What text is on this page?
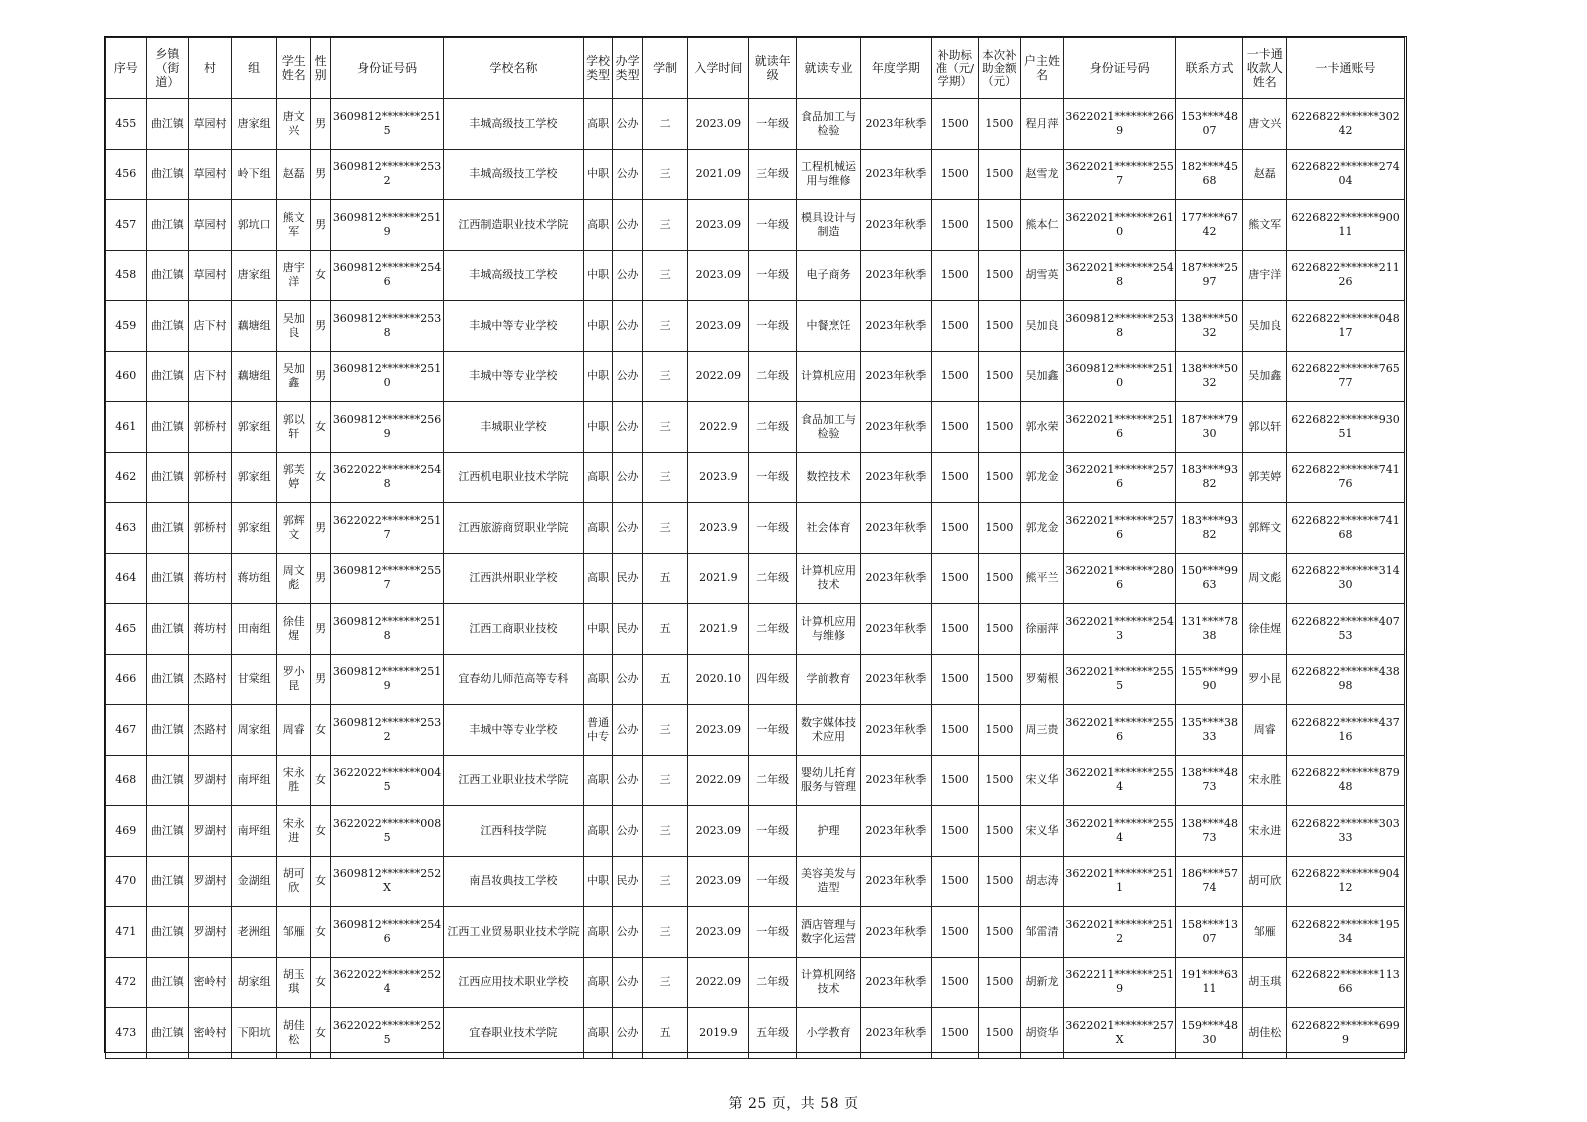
序号	乡镇（街道）	村	组	学生姓名	性别	身份证号码	学校名称	学校类型	办学类型	学制	入学时间	就读年级	就读专业	年度学期	补助标准（元/学期）	本次补助金额（元）	户主姓名	身份证号码	联系方式	一卡通收款人姓名	一卡通账号
455	曲江镇	草园村	唐家组	唐文兴	男	3609812*******2515	丰城高级技工学校	高职	公办	二	2023.09	一年级	食品加工与检验	2023年秋季	1500	1500	程月萍	3622021*******2669	153****4807	唐文兴	6226822*******30242
456	曲江镇	草园村	岭下组	赵磊	男	3609812*******2532	丰城高级技工学校	中职	公办	三	2021.09	三年级	工程机械运用与维修	2023年秋季	1500	1500	赵雪龙	3622021*******2557	182****4568	赵磊	6226822*******27404
457	曲江镇	草园村	郭坑口	熊文军	男	3609812*******2519	江西制造职业技术学院	高职	公办	三	2023.09	一年级	模具设计与制造	2023年秋季	1500	1500	熊本仁	3622021*******2610	177****6742	熊文军	6226822*******90011
458	曲江镇	草园村	唐家组	唐宇洋	女	3609812*******2546	丰城高级技工学校	中职	公办	三	2023.09	一年级	电子商务	2023年秋季	1500	1500	胡雪英	3622021*******2548	187****2597	唐宇洋	6226822*******21126
459	曲江镇	店下村	藕塘组	吴加良	男	3609812*******2538	丰城中等专业学校	中职	公办	三	2023.09	一年级	中餐烹饪	2023年秋季	1500	1500	吴加良	3609812*******2538	138****5032	吴加良	6226822*******04817
460	曲江镇	店下村	藕塘组	吴加鑫	男	3609812*******2510	丰城中等专业学校	中职	公办	三	2022.09	二年级	计算机应用	2023年秋季	1500	1500	吴加鑫	3609812*******2510	138****5032	吴加鑫	6226822*******76577
461	曲江镇	郭桥村	郭家组	郭以轩	女	3609812*******2569	丰城职业学校	中职	公办	三	2022.9	二年级	食品加工与检验	2023年秋季	1500	1500	郭水荣	3622021*******2516	187****7930	郭以轩	6226822*******93051
462	曲江镇	郭桥村	郭家组	郭芙婷	女	3622022*******2548	江西机电职业技术学院	高职	公办	三	2023.9	一年级	数控技术	2023年秋季	1500	1500	郭龙金	3622021*******2576	183****9382	郭芙婷	6226822*******74176
463	曲江镇	郭桥村	郭家组	郭辉文	男	3622022*******2517	江西旅游商贸职业学院	高职	公办	三	2023.9	一年级	社会体育	2023年秋季	1500	1500	郭龙金	3622021*******2576	183****9382	郭辉文	6226822*******74168
464	曲江镇	蒋坊村	蒋坊组	周文彪	男	3609812*******2557	江西洪州职业学校	高职	民办	五	2021.9	二年级	计算机应用技术	2023年秋季	1500	1500	熊平兰	3622021*******2806	150****9963	周文彪	6226822*******31430
465	曲江镇	蒋坊村	田南组	徐佳煋	男	3609812*******2518	江西工商职业技校	中职	民办	五	2021.9	二年级	计算机应用与维修	2023年秋季	1500	1500	徐丽萍	3622021*******2543	131****7838	徐佳煋	6226822*******40753
466	曲江镇	杰路村	甘棠组	罗小昆	男	3609812*******2519	宜春幼儿师范高等专科	高职	公办	五	2020.10	四年级	学前教育	2023年秋季	1500	1500	罗菊根	3622021*******2555	155****9990	罗小昆	6226822*******43898
467	曲江镇	杰路村	周家组	周睿	女	3609812*******2532	丰城中等专业学校	普通中专	公办	三	2023.09	一年级	数字媒体技术应用	2023年秋季	1500	1500	周三贵	3622021*******2556	135****3833	周睿	6226822*******43716
468	曲江镇	罗湖村	南坪组	宋永胜	女	3622022*******0045	江西工业职业技术学院	高职	公办	三	2022.09	二年级	婴幼儿托育服务与管理	2023年秋季	1500	1500	宋义华	3622021*******2554	138****4873	宋永胜	6226822*******87948
469	曲江镇	罗湖村	南坪组	宋永进	女	3622022*******0085	江西科技学院	高职	公办	三	2023.09	一年级	护理	2023年秋季	1500	1500	宋义华	3622021*******2554	138****4873	宋永进	6226822*******30333
470	曲江镇	罗湖村	金湖组	胡可欣	女	3609812*******252X	南昌妆典技工学校	中职	民办	三	2023.09	一年级	美容美发与造型	2023年秋季	1500	1500	胡志涛	3622021*******2511	186****5774	胡可欣	6226822*******90412
471	曲江镇	罗湖村	老洲组	邹雁	女	3609812*******2546	江西工业贸易职业技术学院	高职	公办	三	2023.09	一年级	酒店管理与数字化运营	2023年秋季	1500	1500	邹雷清	3622021*******2512	158****1307	邹雁	6226822*******19534
472	曲江镇	密岭村	胡家组	胡玉琪	女	3622022*******2524	江西应用技术职业学校	高职	公办	三	2022.09	二年级	计算机网络技术	2023年秋季	1500	1500	胡新龙	3622211*******2519	191****6311	胡玉琪	6226822*******11366
473	曲江镇	密岭村	下阳坑	胡佳松	女	3622022*******2525	宜春职业技术学院	高职	公办	五	2019.9	五年级	小学教育	2023年秋季	1500	1500	胡资华	3622021*******257X	159****4830	胡佳松	6226822*******6999
第 25 页，共 58 页
